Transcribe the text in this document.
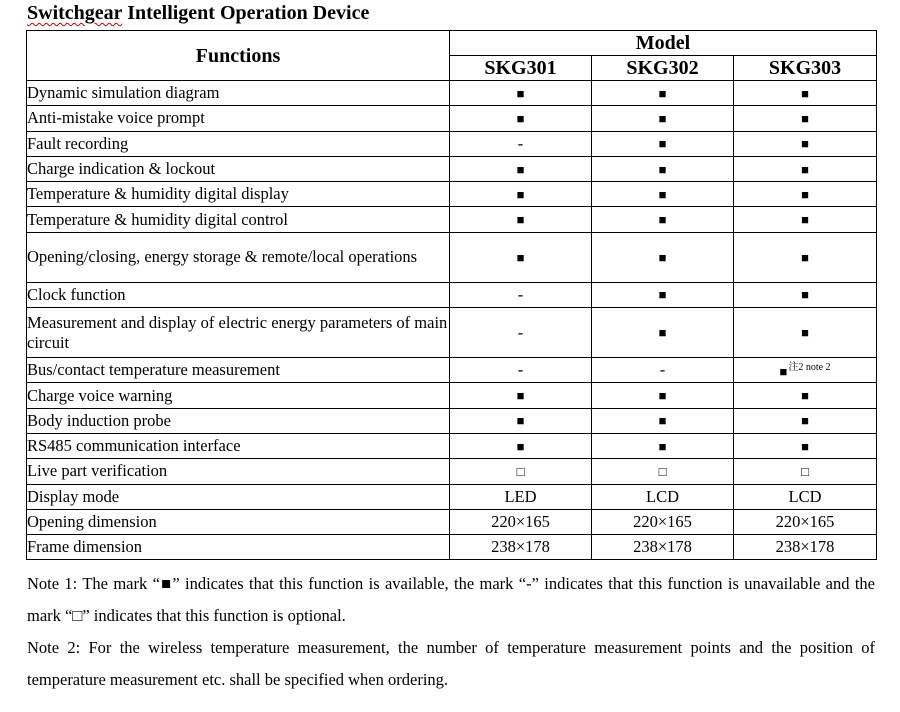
Switchgear Intelligent Operation Device
Functions	Model		
	SKG301	SKG302	SKG303
Dynamic simulation diagram	■	■	■
Anti-mistake voice prompt	■	■	■
Fault recording	-	■	■
Charge indication & lockout	■	■	■
Temperature & humidity digital display	■	■	■
Temperature & humidity digital control	■	■	■
Opening/closing, energy storage & remote/local operations	■	■	■
Clock function	-	■	■
Measurement and display of electric energy parameters of main circuit	-	■	■
Bus/contact temperature measurement	-	-	■$^{注2 note 2}$
Charge voice warning	■	■	■
Body induction probe	■	■	■
RS485 communication interface	■	■	■
Live part verification	□	□	□
Display mode	LED	LCD	LCD
Opening dimension	220×165	220×165	220×165
Frame dimension	238×178	238×178	238×178

Note 1: The mark “■” indicates that this function is available, the mark “-” indicates that this function is unavailable and the mark “□” indicates that this function is optional.

Note 2: For the wireless temperature measurement, the number of temperature measurement points and the position of temperature measurement etc. shall be specified when ordering.
